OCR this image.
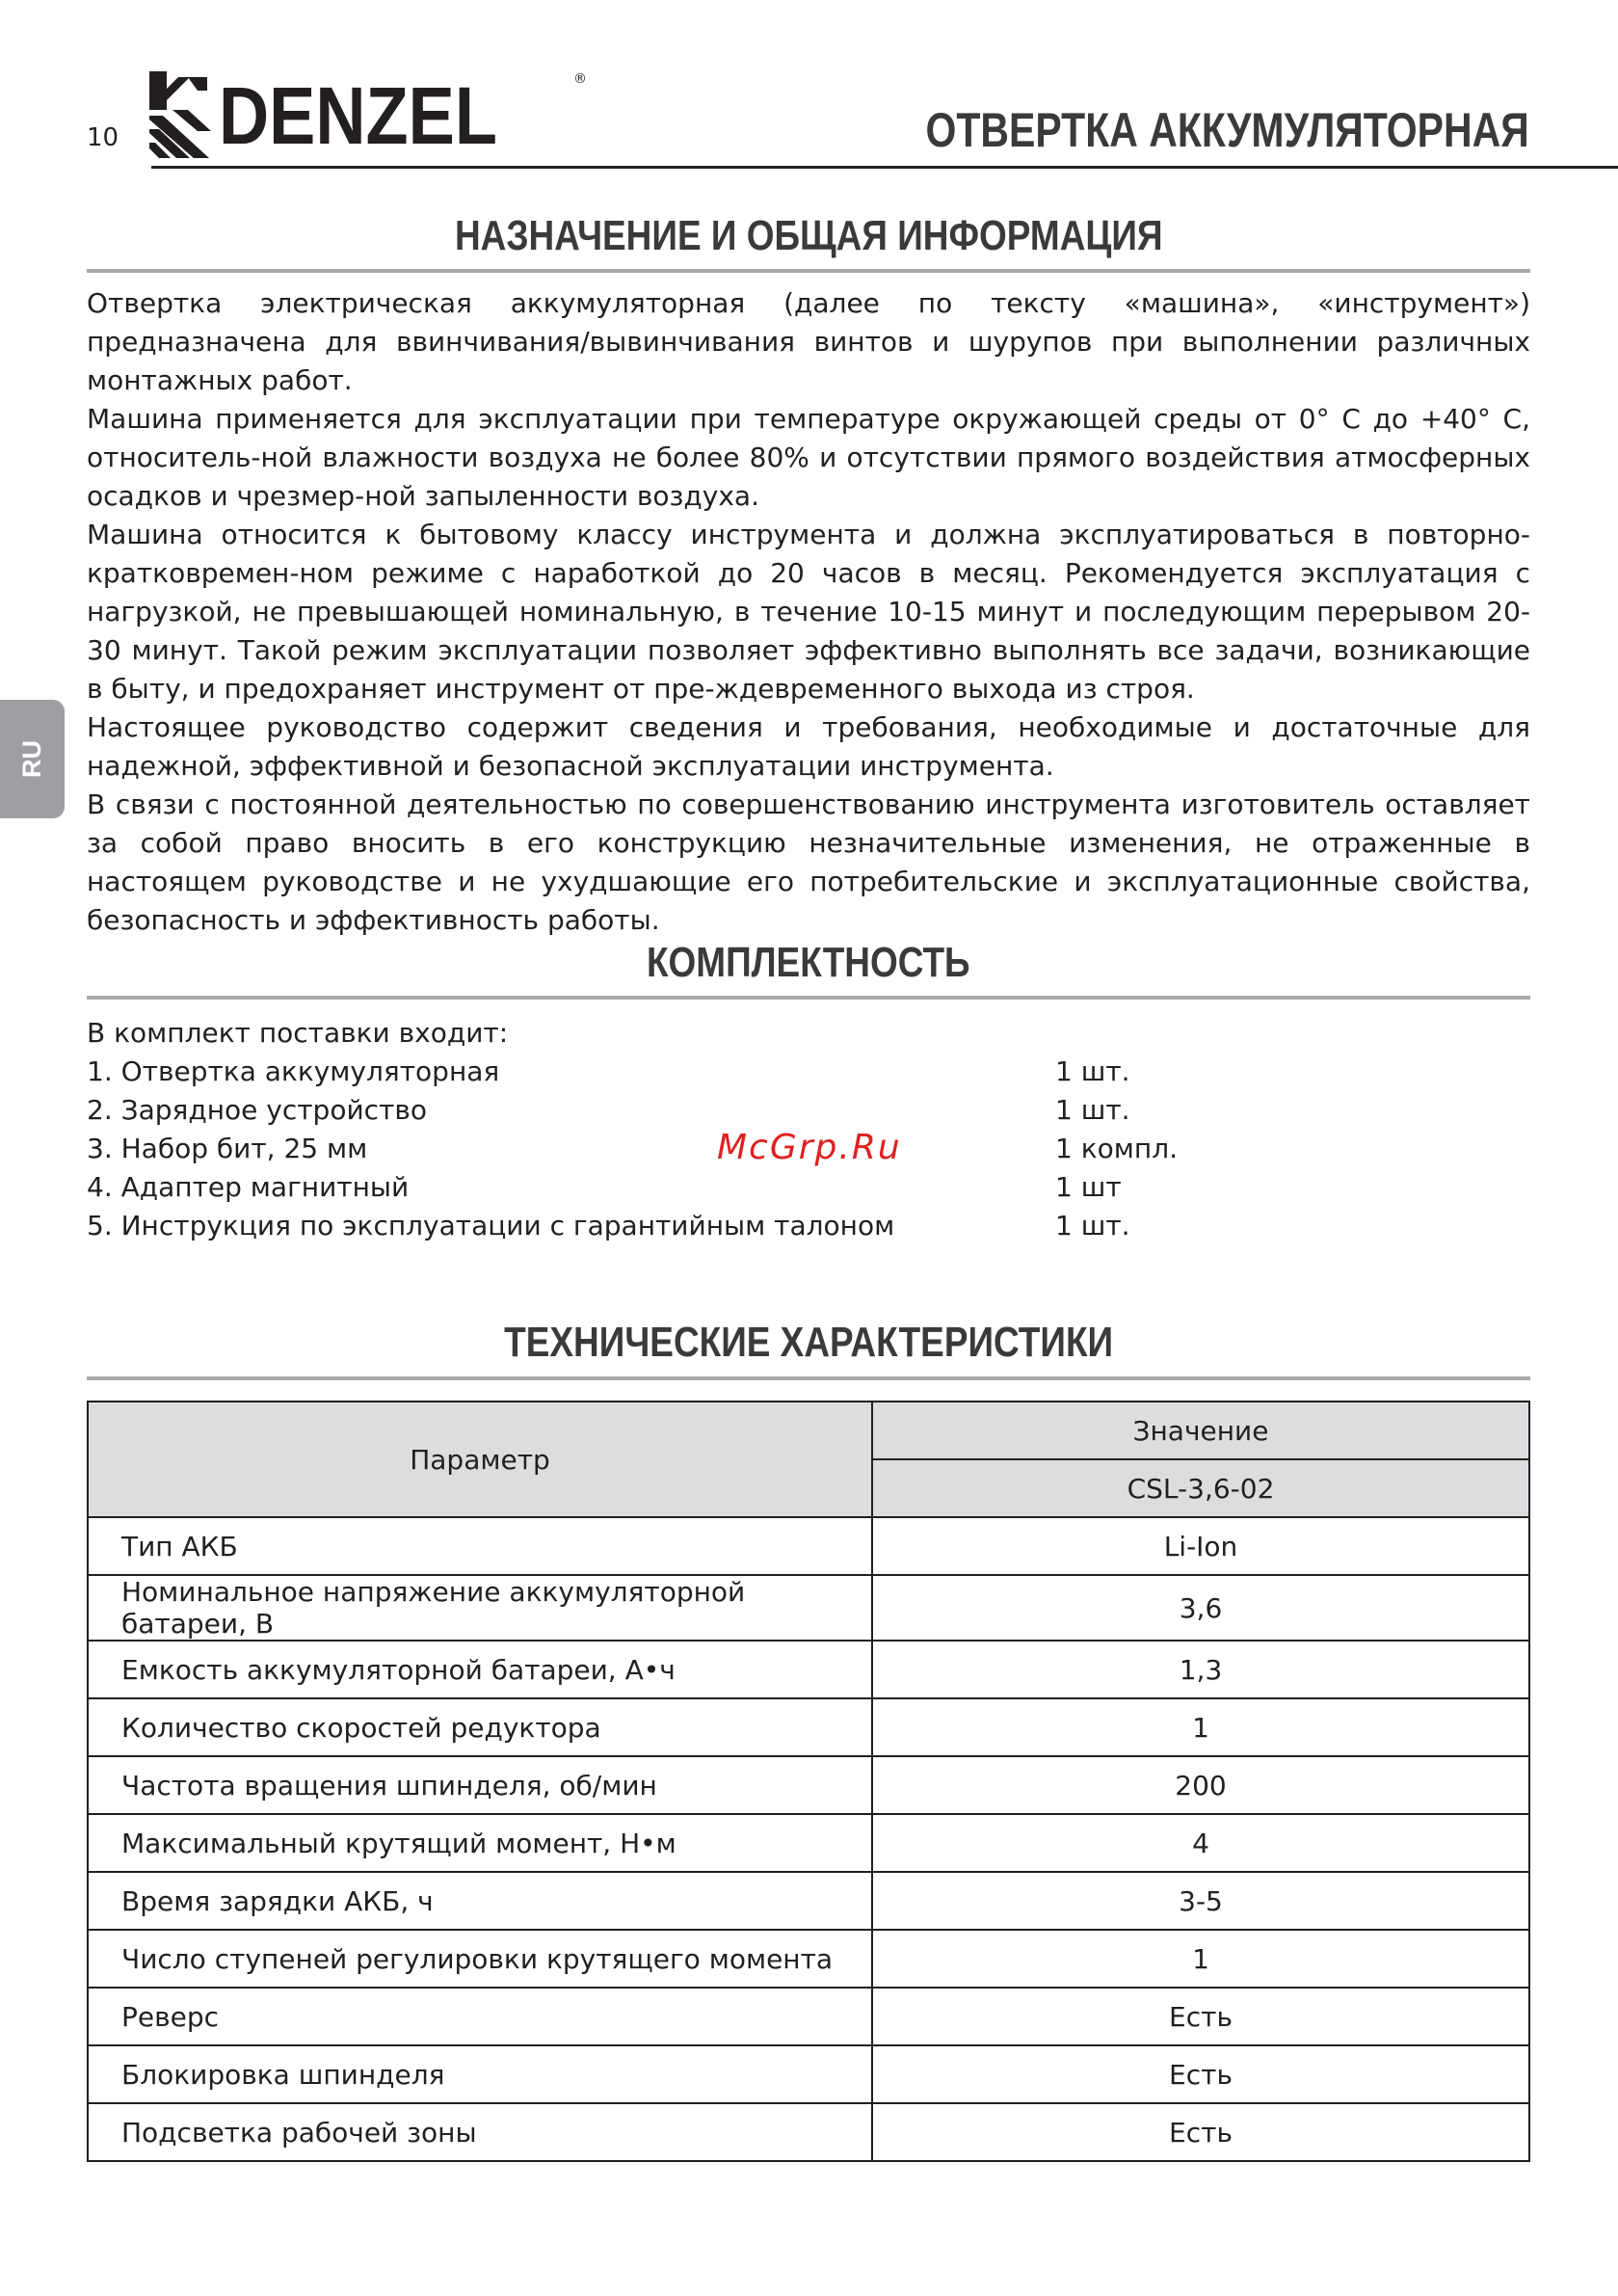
10 DENZEL	®
ОТВЕРТКА АККУМУЛЯТОРНАЯ
RU
НАЗНАЧЕНИЕ И ОБЩАЯ ИНФОРМАЦИЯ

Отвертка электрическая аккумуляторная (далее по тексту «машина», «инструмент») предназначена для ввинчивания/вывинчивания винтов и шурупов при выполнении различных монтажных работ.

Машина применяется для эксплуатации при температуре окружающей среды от 0° С до +40° С, относитель-ной влажности воздуха не более 80% и отсутствии прямого воздействия атмосферных осадков и чрезмер-ной запыленности воздуха.

Машина относится к бытовому классу инструмента и должна эксплуатироваться в повторно-кратковремен-ном режиме с наработкой до 20 часов в месяц. Рекомендуется эксплуатация с нагрузкой, не превышающей номинальную, в течение 10-15 минут и последующим перерывом 20-30 минут. Такой режим эксплуатации позволяет эффективно выполнять все задачи, возникающие в быту, и предохраняет инструмент от пре-ждевременного выхода из строя.

Настоящее руководство содержит сведения и требования, необходимые и достаточные для надежной, эффективной и безопасной эксплуатации инструмента.

В связи с постоянной деятельностью по совершенствованию инструмента изготовитель оставляет за собой право вносить в его конструкцию незначительные изменения, не отраженные в настоящем руководстве и не ухудшающие его потребительские и эксплуатационные свойства, безопасность и эффективность работы.

КОМПЛЕКТНОСТЬ
В комплект поставки входит:
1. Отвертка аккумуляторная	1 шт.
2. Зарядное устройство	1 шт.
3. Набор бит, 25 мм	1 компл.
4. Адаптер магнитный	1 шт
5. Инструкция по эксплуатации с гарантийным талоном	1 шт.
McGrp.Ru
ТЕХНИЧЕСКИЕ ХАРАКТЕРИСТИКИ
Параметр	Значение
	CSL-3,6-02
Тип АКБ	Li-Ion
Номинальное напряжение аккумуляторной батареи, В	3,6
Емкость аккумуляторной батареи, А•ч	1,3
Количество скоростей редуктора	1
Частота вращения шпинделя, об/мин	200
Максимальный крутящий момент, Н•м	4
Время зарядки АКБ, ч	3-5
Число ступеней регулировки крутящего момента	1
Реверс	Есть
Блокировка шпинделя	Есть
Подсветка рабочей зоны	Есть
